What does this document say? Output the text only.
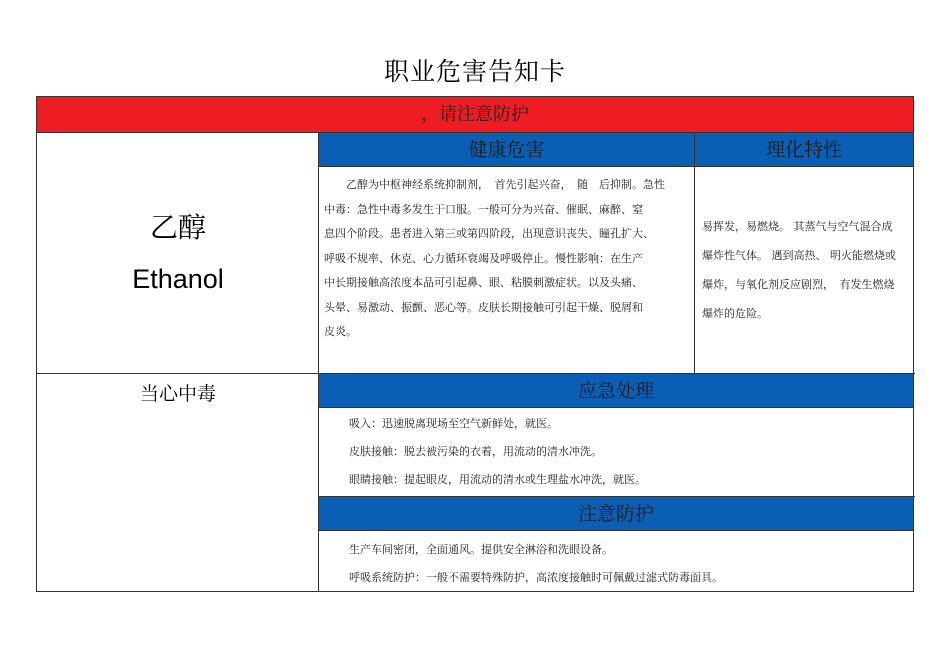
职业危害告知卡
，请注意防护
乙醇
Ethanol
当心中毒
健康危害	理化特性

　　乙醇为中枢神经系统抑制剂，　首先引起兴奋，　随　后抑制。急性

中毒：急性中毒多发生于口服。一般可分为兴奋、催眠、麻醉、窒

息四个阶段。患者进入第三或第四阶段，出现意识丧失、瞳孔扩大、

呼吸不规率、休克、心力循环衰竭及呼吸停止。慢性影响：在生产

中长期接触高浓度本品可引起鼻、眼、粘膜刺激症状。以及头痛、

头晕、易激动、振颤、恶心等。皮肤长期接触可引起干燥、脱屑和

皮炎。

易挥发，易燃烧。 其蒸气与空气混合成

爆炸性气体。 遇到高热、 明火能燃烧或

爆炸，与氧化剂反应剧烈，　有发生燃烧

爆炸的危险。

应急处理

吸入：迅速脱离现场至空气新鲜处，就医。

皮肤接触：脱去被污染的衣着，用流动的清水冲洗。

眼睛接触：提起眼皮，用流动的清水或生理盐水冲洗，就医。

注意防护

生产车间密闭，全面通风。提供安全淋浴和洗眼设备。

呼吸系统防护：一般不需要特殊防护，高浓度接触时可佩戴过滤式防毒面具。
